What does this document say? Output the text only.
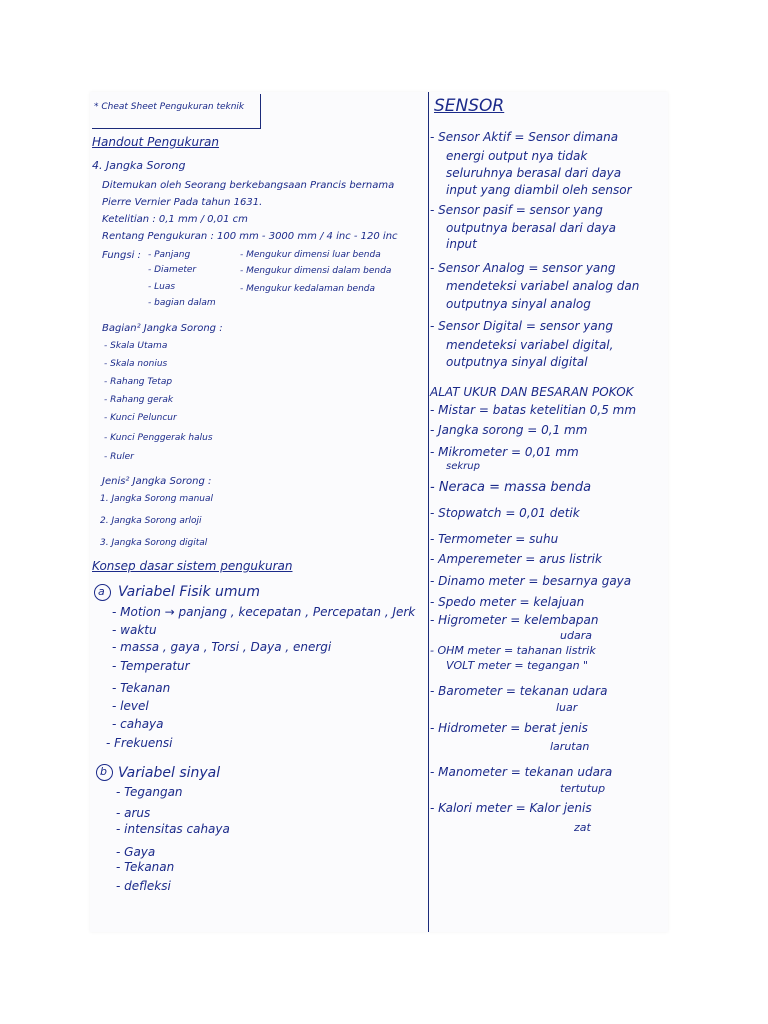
* Cheat Sheet Pengukuran teknik
Handout Pengukuran
4. Jangka Sorong
Ditemukan oleh Seorang berkebangsaan Prancis bernama
Pierre Vernier Pada tahun 1631.
Ketelitian : 0,1 mm / 0,01 cm
Rentang Pengukuran : 100 mm - 3000 mm / 4 inc - 120 inc
Fungsi : - Panjang
- Diameter
- Luas
- bagian dalam
- Mengukur dimensi luar benda
- Mengukur dimensi dalam benda
- Mengukur kedalaman benda
Bagian² Jangka Sorong :
- Skala Utama
- Skala nonius
- Rahang Tetap
- Rahang gerak
- Kunci Peluncur
- Kunci Penggerak halus
- Ruler
Jenis² Jangka Sorong :
1. Jangka Sorong manual
2. Jangka Sorong arloji
3. Jangka Sorong digital
Konsep dasar sistem pengukuran
a Variabel Fisik umum
- Motion → panjang , kecepatan , Percepatan , Jerk
- waktu
- massa , gaya , Torsi , Daya , energi
- Temperatur
- Tekanan
- level
- cahaya
- Frekuensi
b Variabel sinyal
- Tegangan
- arus
- intensitas cahaya
- Gaya
- Tekanan
- defleksi
SENSOR
- Sensor Aktif = Sensor dimana
energi output nya tidak
seluruhnya berasal dari daya
input yang diambil oleh sensor
- Sensor pasif = sensor yang
outputnya berasal dari daya
input
- Sensor Analog = sensor yang
mendeteksi variabel analog dan
outputnya sinyal analog
- Sensor Digital = sensor yang
mendeteksi variabel digital,
outputnya sinyal digital
ALAT UKUR DAN BESARAN POKOK
- Mistar = batas ketelitian 0,5 mm
- Jangka sorong = 0,1 mm
- Mikrometer = 0,01 mm
sekrup
- Neraca = massa benda
- Stopwatch = 0,01 detik
- Termometer = suhu
- Amperemeter = arus listrik
- Dinamo meter = besarnya gaya
- Spedo meter = kelajuan
- Higrometer = kelembapan
udara
- OHM meter = tahanan listrik
VOLT meter = tegangan "
- Barometer = tekanan udara
luar
- Hidrometer = berat jenis
larutan
- Manometer = tekanan udara
tertutup
- Kalori meter = Kalor jenis
zat
